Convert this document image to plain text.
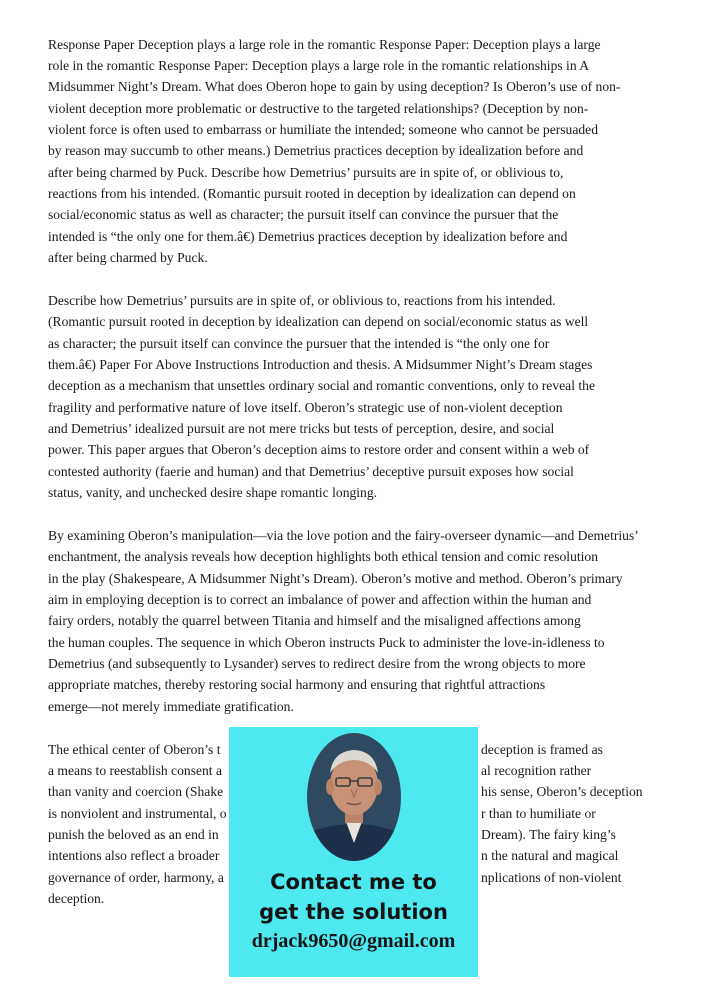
Response Paper Deception plays a large role in the romantic Response Paper: Deception plays a large
role in the romantic Response Paper: Deception plays a large role in the romantic relationships in A
Midsummer Night’s Dream. What does Oberon hope to gain by using deception? Is Oberon’s use of non-
violent deception more problematic or destructive to the targeted relationships? (Deception by non-
violent force is often used to embarrass or humiliate the intended; someone who cannot be persuaded
by reason may succumb to other means.) Demetrius practices deception by idealization before and
after being charmed by Puck. Describe how Demetrius’ pursuits are in spite of, or oblivious to,
reactions from his intended. (Romantic pursuit rooted in deception by idealization can depend on
social/economic status as well as character; the pursuit itself can convince the pursuer that the
intended is “the only one for them.â€) Demetrius practices deception by idealization before and
after being charmed by Puck.
Describe how Demetrius’ pursuits are in spite of, or oblivious to, reactions from his intended.
(Romantic pursuit rooted in deception by idealization can depend on social/economic status as well
as character; the pursuit itself can convince the pursuer that the intended is “the only one for
them.â€) Paper For Above Instructions Introduction and thesis. A Midsummer Night’s Dream stages
deception as a mechanism that unsettles ordinary social and romantic conventions, only to reveal the
fragility and performative nature of love itself. Oberon’s strategic use of non-violent deception
and Demetrius’ idealized pursuit are not mere tricks but tests of perception, desire, and social
power. This paper argues that Oberon’s deception aims to restore order and consent within a web of
contested authority (faerie and human) and that Demetrius’ deceptive pursuit exposes how social
status, vanity, and unchecked desire shape romantic longing.
By examining Oberon’s manipulation—via the love potion and the fairy-overseer dynamic—and Demetrius’
enchantment, the analysis reveals how deception highlights both ethical tension and comic resolution
in the play (Shakespeare, A Midsummer Night’s Dream). Oberon’s motive and method. Oberon’s primary
aim in employing deception is to correct an imbalance of power and affection within the human and
fairy orders, notably the quarrel between Titania and himself and the misaligned affections among
the human couples. The sequence in which Oberon instructs Puck to administer the love-in-idleness to
Demetrius (and subsequently to Lysander) serves to redirect desire from the wrong objects to more
appropriate matches, thereby restoring social harmony and ensuring that rightful attractions
emerge—not merely immediate gratification.
The ethical center of Oberon’s t
a means to reestablish consent a
than vanity and coercion (Shake
is nonviolent and instrumental, o
punish the beloved as an end in
intentions also reflect a broader
governance of order, harmony, a
deception.
deception is framed as
al recognition rather
his sense, Oberon’s deception
r than to humiliate or
Dream). The fairy king’s
n the natural and magical
nplications of non-violent
Contact me to
get the solution
drjack9650@gmail.com
